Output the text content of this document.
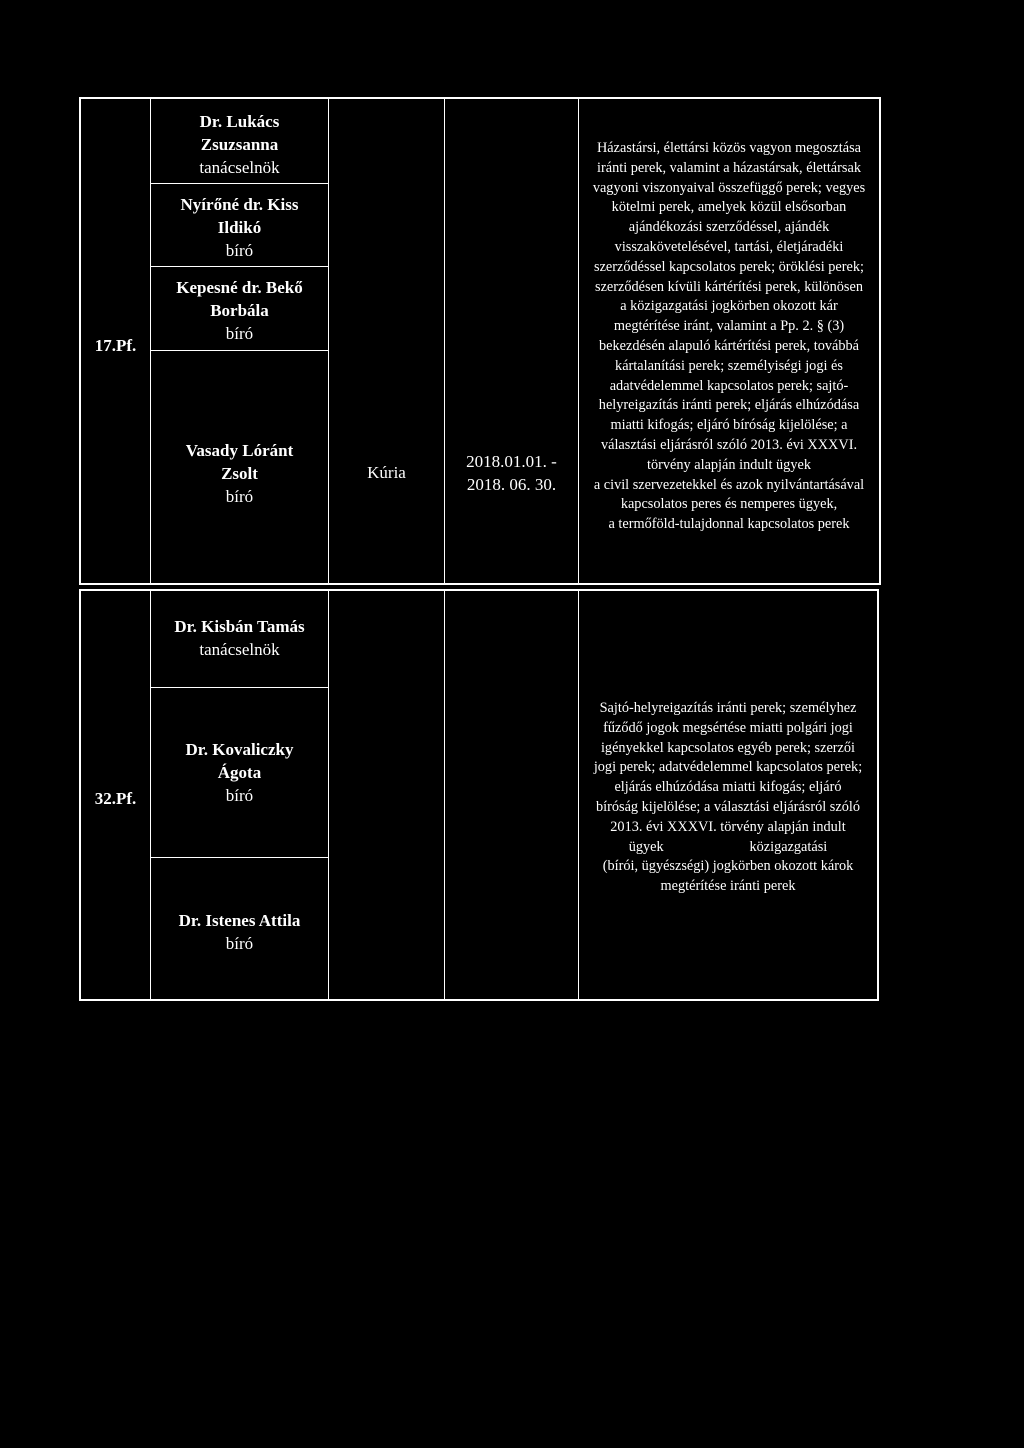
17.Pf.
Dr. Lukács
Zsuzsanna
tanácselnök
Nyírőné dr. Kiss
Ildikó
bíró
Kepesné dr. Bekő
Borbála
bíró
Vasady Lóránt
Zsolt
bíró
Kúria
2018.01.01. -
2018. 06. 30.
Házastársi, élettársi közös vagyon megosztása
iránti perek, valamint a házastársak, élettársak
vagyoni viszonyaival összefüggő perek; vegyes
kötelmi perek, amelyek közül elsősorban
ajándékozási szerződéssel, ajándék
visszakövetelésével, tartási, életjáradéki
szerződéssel kapcsolatos perek; öröklési perek;
szerződésen kívüli kártérítési perek, különösen
a közigazgatási jogkörben okozott kár
megtérítése iránt, valamint a Pp. 2. § (3)
bekezdésén alapuló kártérítési perek, továbbá
kártalanítási perek; személyiségi jogi és
adatvédelemmel kapcsolatos perek; sajtó-
helyreigazítás iránti perek; eljárás elhúzódása
miatti kifogás; eljáró bíróság kijelölése; a
választási eljárásról szóló 2013. évi XXXVI.
törvény alapján indult ügyek
a civil szervezetekkel és azok nyilvántartásával
kapcsolatos peres és nemperes ügyek,
a termőföld-tulajdonnal kapcsolatos perek
32.Pf.
Dr. Kisbán Tamás
tanácselnök
Dr. Kovaliczky
Ágota
bíró
Dr. Istenes Attila
bíró
Sajtó-helyreigazítás iránti perek; személyhez
fűződő jogok megsértése miatti polgári jogi
igényekkel kapcsolatos egyéb perek; szerzői
jogi perek; adatvédelemmel kapcsolatos perek;
eljárás elhúzódása miatti kifogás; eljáró
bíróság kijelölése; a választási eljárásról szóló
2013. évi XXXVI. törvény alapján indult
ügyek                        közigazgatási
(bírói, ügyészségi) jogkörben okozott károk
megtérítése iránti perek
